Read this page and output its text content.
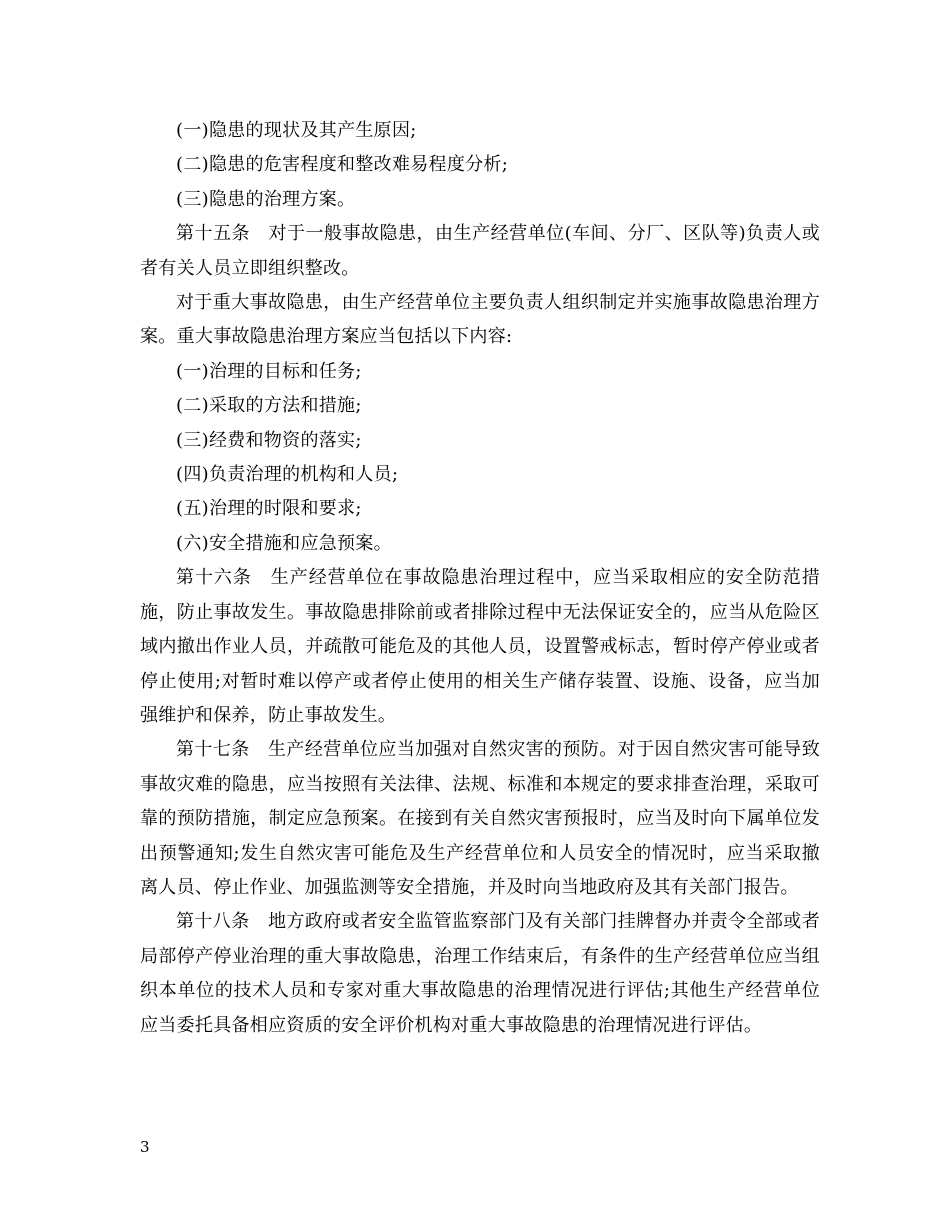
(一)隐患的现状及其产生原因;

(二)隐患的危害程度和整改难易程度分析;

(三)隐患的治理方案。

第十五条　对于一般事故隐患，由生产经营单位(车间、分厂、区队等)负责人或者有关人员立即组织整改。

对于重大事故隐患，由生产经营单位主要负责人组织制定并实施事故隐患治理方案。重大事故隐患治理方案应当包括以下内容:

(一)治理的目标和任务;

(二)采取的方法和措施;

(三)经费和物资的落实;

(四)负责治理的机构和人员;

(五)治理的时限和要求;

(六)安全措施和应急预案。

第十六条　生产经营单位在事故隐患治理过程中，应当采取相应的安全防范措施，防止事故发生。事故隐患排除前或者排除过程中无法保证安全的，应当从危险区域内撤出作业人员，并疏散可能危及的其他人员，设置警戒标志，暂时停产停业或者停止使用;对暂时难以停产或者停止使用的相关生产储存装置、设施、设备，应当加强维护和保养，防止事故发生。

第十七条　生产经营单位应当加强对自然灾害的预防。对于因自然灾害可能导致事故灾难的隐患，应当按照有关法律、法规、标准和本规定的要求排查治理，采取可靠的预防措施，制定应急预案。在接到有关自然灾害预报时，应当及时向下属单位发出预警通知;发生自然灾害可能危及生产经营单位和人员安全的情况时，应当采取撤离人员、停止作业、加强监测等安全措施，并及时向当地政府及其有关部门报告。

第十八条　地方政府或者安全监管监察部门及有关部门挂牌督办并责令全部或者局部停产停业治理的重大事故隐患，治理工作结束后，有条件的生产经营单位应当组织本单位的技术人员和专家对重大事故隐患的治理情况进行评估;其他生产经营单位应当委托具备相应资质的安全评价机构对重大事故隐患的治理情况进行评估。

3
